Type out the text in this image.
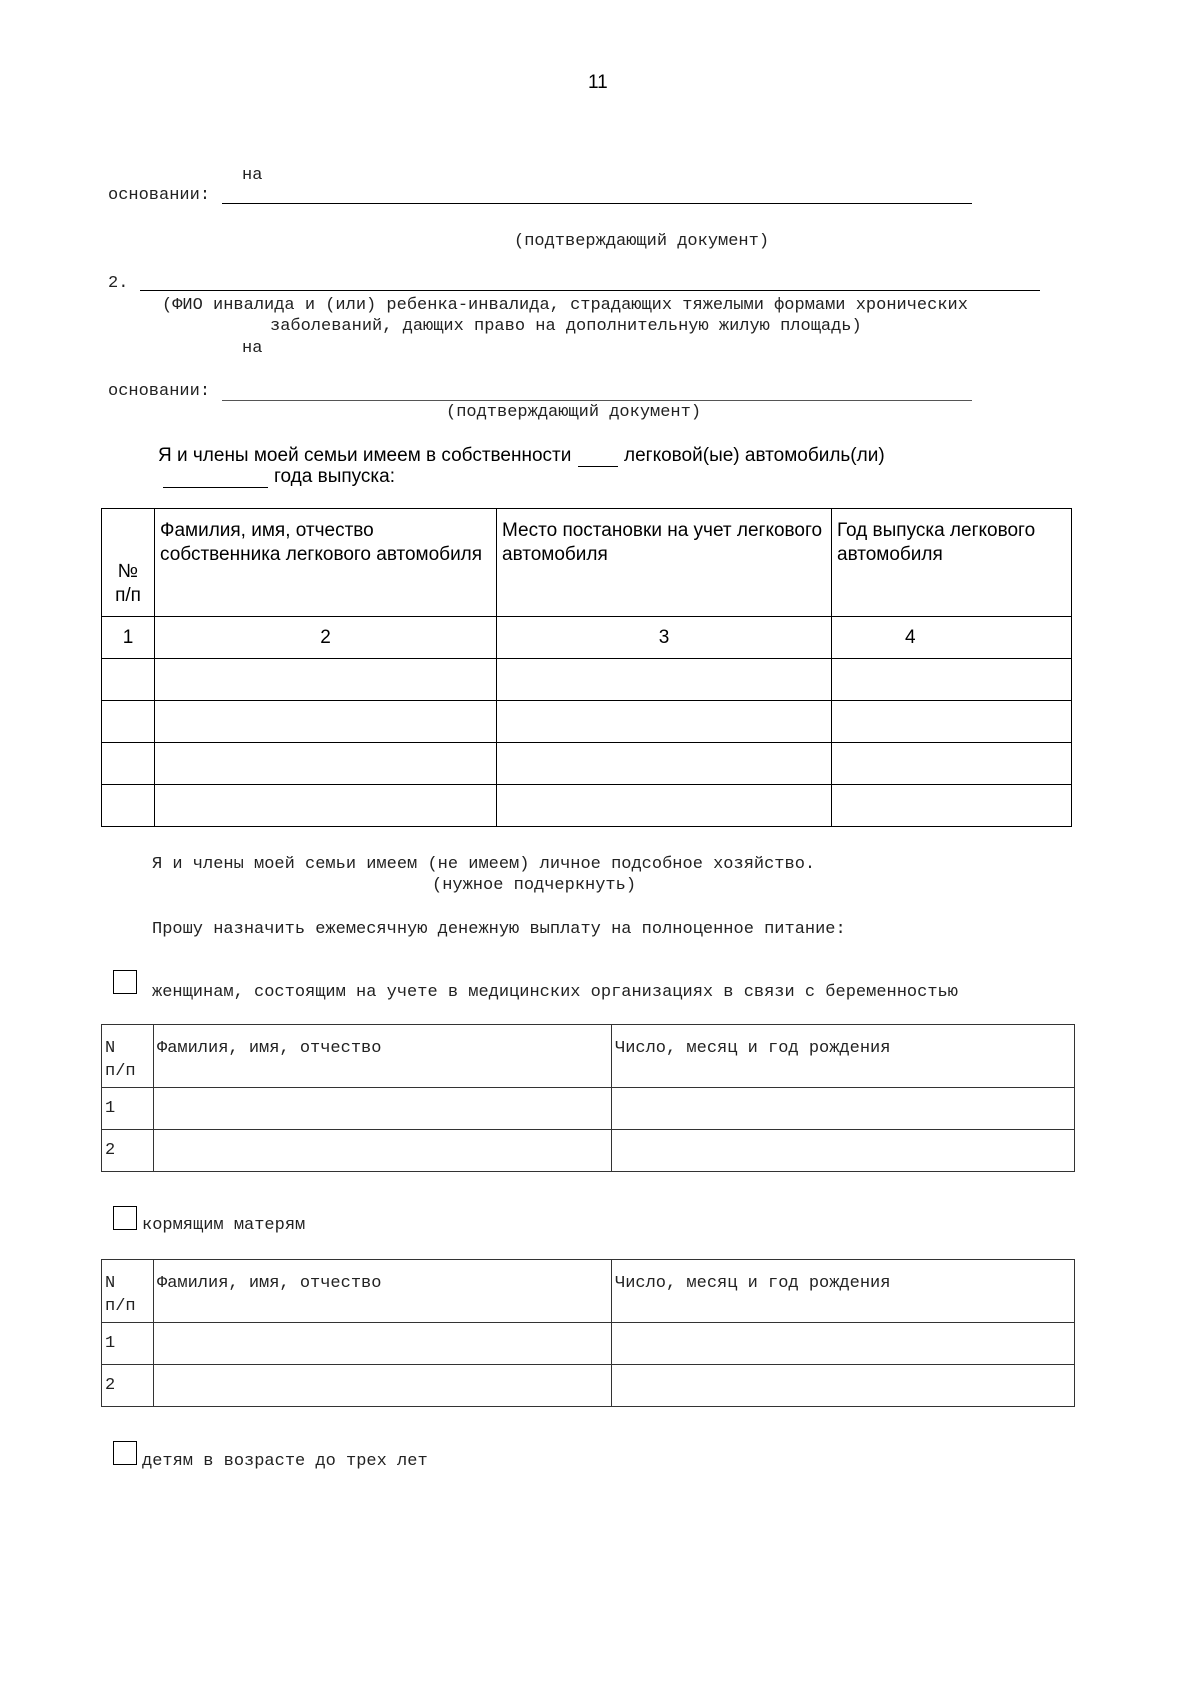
11
на
основании:
(подтверждающий документ)
2.
(ФИО инвалида и (или) ребенка-инвалида, страдающих тяжелыми формами хронических
заболеваний, дающих право на дополнительную жилую площадь)
на
основании:
(подтверждающий документ)
Я и члены моей семьи имеем в собственности	легковой(ые) автомобиль(ли)
года выпуска:
№
п/п	Фамилия, имя, отчество собственника легкового автомобиля	Место постановки на учет легкового автомобиля	Год выпуска легкового автомобиля
1	2	3	4

Я и члены моей семьи имеем (не имеем) личное подсобное хозяйство.
(нужное подчеркнуть)
Прошу назначить ежемесячную денежную выплату на полноценное питание:
женщинам, состоящим на учете в медицинских организациях в связи с беременностью
N
п/п	Фамилия, имя, отчество	Число, месяц и год рождения
1		
2		
кормящим матерям
N
п/п	Фамилия, имя, отчество	Число, месяц и год рождения
1		
2		
детям в возрасте до трех лет
